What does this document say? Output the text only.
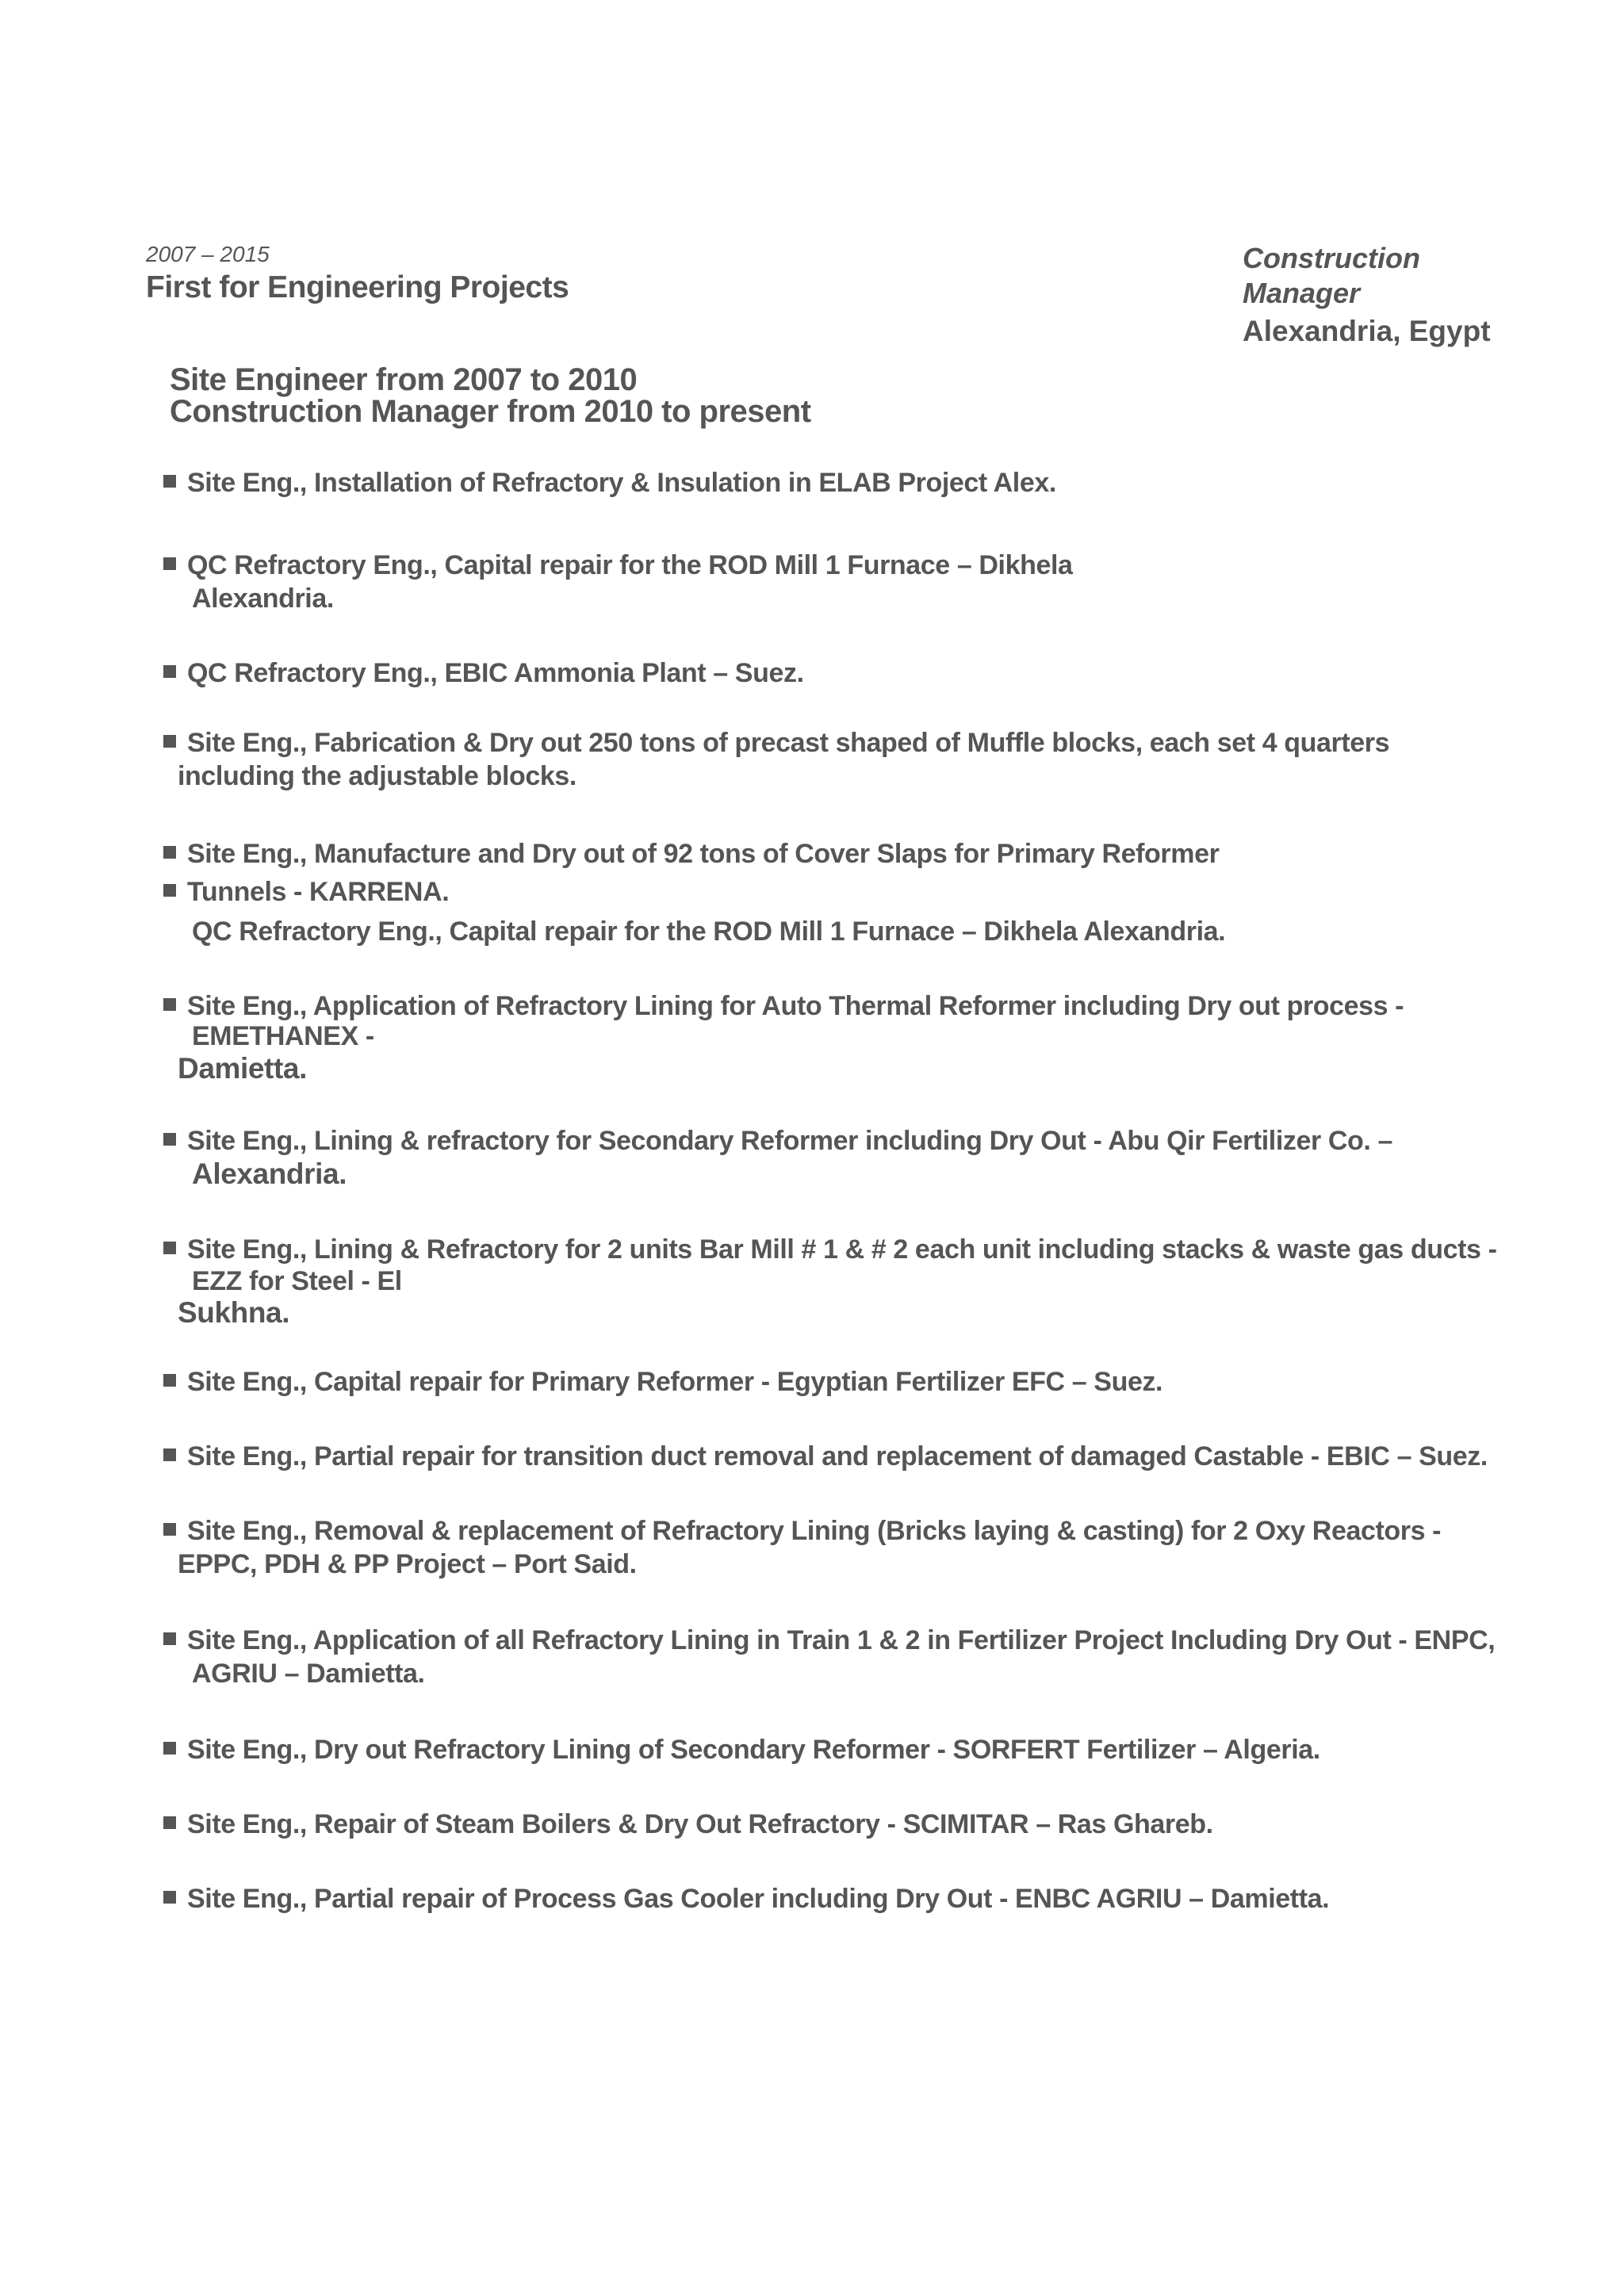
2007 – 2015
First for Engineering Projects
Construction
Manager
Alexandria, Egypt
Site Engineer from 2007 to 2010
Construction Manager from 2010 to present
Site Eng., Installation of Refractory & Insulation in ELAB Project Alex.
QC Refractory Eng., Capital repair for the ROD Mill 1 Furnace – Dikhela
Alexandria.
QC Refractory Eng., EBIC Ammonia Plant – Suez.
Site Eng., Fabrication & Dry out 250 tons of precast shaped of Muffle blocks, each set 4 quarters
including the adjustable blocks.
Site Eng., Manufacture and Dry out of 92 tons of Cover Slaps for Primary Reformer
Tunnels - KARRENA.
QC Refractory Eng., Capital repair for the ROD Mill 1 Furnace – Dikhela Alexandria.
Site Eng., Application of Refractory Lining for Auto Thermal Reformer including Dry out process -
EMETHANEX -
Damietta.
Site Eng., Lining & refractory for Secondary Reformer including Dry Out - Abu Qir Fertilizer Co. –
Alexandria.
Site Eng., Lining & Refractory for 2 units Bar Mill # 1 & # 2 each unit including stacks & waste gas ducts -
EZZ for Steel - El
Sukhna.
Site Eng., Capital repair for Primary Reformer - Egyptian Fertilizer EFC – Suez.
Site Eng., Partial repair for transition duct removal and replacement of damaged Castable - EBIC – Suez.
Site Eng., Removal & replacement of Refractory Lining (Bricks laying & casting) for 2 Oxy Reactors -
EPPC, PDH & PP Project – Port Said.
Site Eng., Application of all Refractory Lining in Train 1 & 2 in Fertilizer Project Including Dry Out - ENPC,
AGRIU – Damietta.
Site Eng., Dry out Refractory Lining of Secondary Reformer - SORFERT Fertilizer – Algeria.
Site Eng., Repair of Steam Boilers & Dry Out Refractory - SCIMITAR – Ras Ghareb.
Site Eng., Partial repair of Process Gas Cooler including Dry Out - ENBC AGRIU – Damietta.
